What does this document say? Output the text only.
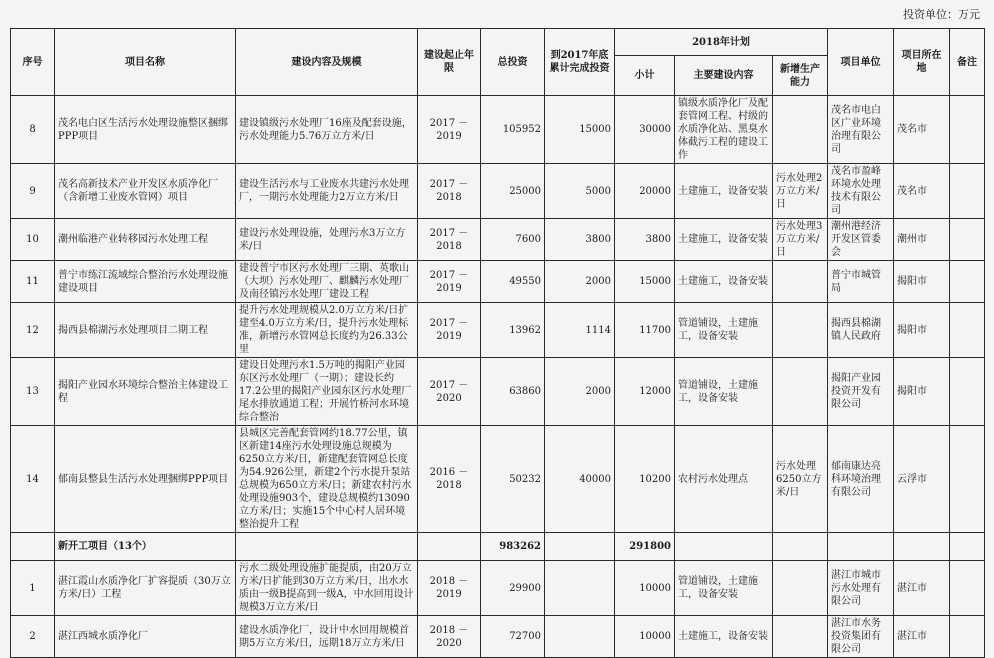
投资单位：万元
序号	项目名称	建设内容及规模	建设起止年限	总投资	到2017年底累计完成投资	2018年计划			项目单位	项目所在地	备注
						小计	主要建设内容	新增生产能力			
8	茂名电白区生活污水处理设施整区捆绑PPP项目	建设镇级污水处理厂16座及配套设施，污水处理能力5.76万立方米/日	2017 － 2019	105952	15000	30000	镇级水质净化厂及配套管网工程、村级的水质净化站、黑臭水体截污工程的建设工作		茂名市电白区广业环境治理有限公司	茂名市	
9	茂名高新技术产业开发区水质净化厂（含新增工业废水管网）项目	建设生活污水与工业废水共建污水处理厂，一期污水处理能力2万立方米/日	2017 － 2018	25000	5000	20000	土建施工，设备安装	污水处理2万立方米/日	茂名市盈峰环境水处理技术有限公司	茂名市	
10	潮州临港产业转移园污水处理工程	建设污水处理设施，处理污水3万立方米/日	2017 － 2018	7600	3800	3800	土建施工，设备安装	污水处理3万立方米/日	潮州港经济开发区管委会	潮州市	
11	普宁市练江流域综合整治污水处理设施建设项目	建设普宁市区污水处理厂三期、英歌山（大坝）污水处理厂、麒麟污水处理厂及南径镇污水处理厂建设工程	2017 － 2019	49550	2000	15000	土建施工，设备安装		普宁市城管局	揭阳市	
12	揭西县棉湖污水处理项目二期工程	提升污水处理规模从2.0万立方米/日扩建至4.0万立方米/日，提升污水处理标准，新增污水管网总长度约为26.33公里	2017 － 2019	13962	1114	11700	管道铺设，土建施工，设备安装		揭西县棉湖镇人民政府	揭阳市	
13	揭阳产业园水环境综合整治主体建设工程	建设日处理污水1.5万吨的揭阳产业园东区污水处理厂（一期）；建设长约17.2公里的揭阳产业园东区污水处理厂尾水排放通道工程；开展竹桥河水环境综合整治	2017 － 2020	63860	2000	12000	管道铺设，土建施工，设备安装		揭阳产业园投资开发有限公司	揭阳市	
14	郁南县整县生活污水处理捆绑PPP项目	县城区完善配套管网约18.77公里，镇区新建14座污水处理设施总规模为6250立方米/日，新建配套管网总长度为54.926公里，新建2个污水提升泵站总规模为650立方米/日；新建农村污水处理设施903个，建设总规模约13090立方米/日；实施15个中心村人居环境整治提升工程	2016 － 2018	50232	40000	10200	农村污水处理点	污水处理6250立方米/日	郁南康达亮科环境治理有限公司	云浮市	
	新开工项目（13个）			983262		291800					
1	湛江霞山水质净化厂扩容提质（30万立方米/日）工程	污水二级处理设施扩能提质，由20万立方米/日扩能到30万立方米/日，出水水质由一级B提高到一级A，中水回用设计规模3万立方米/日	2018 － 2019	29900		10000	管道铺设，土建施工，设备安装		湛江市城市污水处理有限公司	湛江市	
2	湛江西城水质净化厂	建设水质净化厂，设计中水回用规模首期5万立方米/日，远期18万立方米/日	2018 － 2020	72700		10000	土建施工，设备安装		湛江市水务投资集团有限公司	湛江市	
